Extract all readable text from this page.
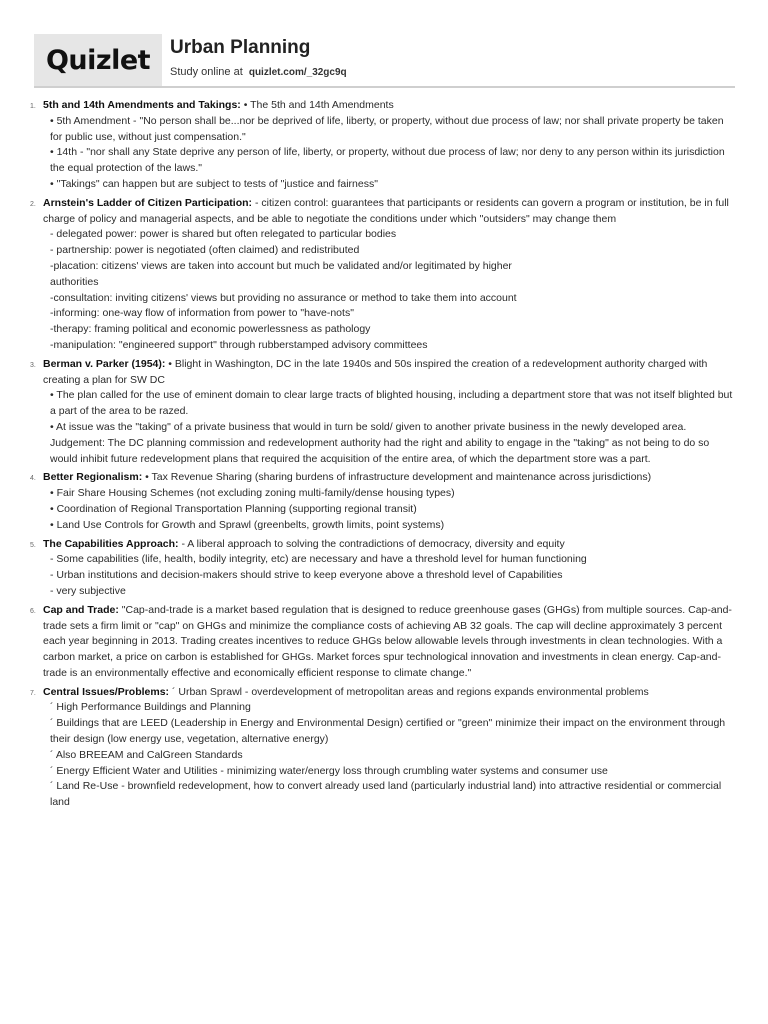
Quizlet Urban Planning
Study online at quizlet.com/_32gc9q
1. 5th and 14th Amendments and Takings: • The 5th and 14th Amendments
• 5th Amendment - "No person shall be...nor be deprived of life, liberty, or property, without due process of law; nor shall private property be taken for public use, without just compensation."
• 14th - "nor shall any State deprive any person of life, liberty, or property, without due process of law; nor deny to any person within its jurisdiction the equal protection of the laws."
• "Takings" can happen but are subject to tests of "justice and fairness"
2. Arnstein's Ladder of Citizen Participation: - citizen control: guarantees that participants or residents can govern a program or institution, be in full charge of policy and managerial aspects, and be able to negotiate the conditions under which "outsiders" may change them
- delegated power: power is shared but often relegated to particular bodies
- partnership: power is negotiated (often claimed) and redistributed
-placation: citizens' views are taken into account but much be validated and/or legitimated by higher
authorities
-consultation: inviting citizens' views but providing no assurance or method to take them into account
-informing: one-way flow of information from power to "have-nots"
-therapy: framing political and economic powerlessness as pathology
-manipulation: "engineered support" through rubberstamped advisory committees
3. Berman v. Parker (1954): • Blight in Washington, DC in the late 1940s and 50s inspired the creation of a redevelopment authority charged with creating a plan for SW DC
• The plan called for the use of eminent domain to clear large tracts of blighted housing, including a department store that was not itself blighted but a part of the area to be razed.
• At issue was the "taking" of a private business that would in turn be sold/ given to another private business in the newly developed area.
Judgement: The DC planning commission and redevelopment authority had the right and ability to engage in the "taking" as not being to do so would inhibit future redevelopment plans that required the acquisition of the entire area, of which the department store was a part.
4. Better Regionalism: • Tax Revenue Sharing (sharing burdens of infrastructure development and maintenance across jurisdictions)
• Fair Share Housing Schemes (not excluding zoning multi-family/dense housing types)
• Coordination of Regional Transportation Planning (supporting regional transit)
• Land Use Controls for Growth and Sprawl (greenbelts, growth limits, point systems)
5. The Capabilities Approach: - A liberal approach to solving the contradictions of democracy, diversity and equity
- Some capabilities (life, health, bodily integrity, etc) are necessary and have a threshold level for human functioning
- Urban institutions and decision-makers should strive to keep everyone above a threshold level of Capabilities
- very subjective
6. Cap and Trade: "Cap-and-trade is a market based regulation that is designed to reduce greenhouse gases (GHGs) from multiple sources. Cap-and-trade sets a firm limit or "cap" on GHGs and minimize the compliance costs of achieving AB 32 goals. The cap will decline approximately 3 percent each year beginning in 2013. Trading creates incentives to reduce GHGs below allowable levels through investments in clean technologies. With a carbon market, a price on carbon is established for GHGs. Market forces spur technological innovation and investments in clean energy. Cap-and-trade is an environmentally effective and economically efficient response to climate change."
7. Central Issues/Problems: ´ Urban Sprawl - overdevelopment of metropolitan areas and regions expands environmental problems
´ High Performance Buildings and Planning
´ Buildings that are LEED (Leadership in Energy and Environmental Design) certified or "green" minimize their impact on the environment through their design (low energy use, vegetation, alternative energy)
´ Also BREEAM and CalGreen Standards
´ Energy Efficient Water and Utilities - minimizing water/energy loss through crumbling water systems and consumer use
´ Land Re-Use - brownfield redevelopment, how to convert already used land (particularly industrial land) into attractive residential or commercial land
